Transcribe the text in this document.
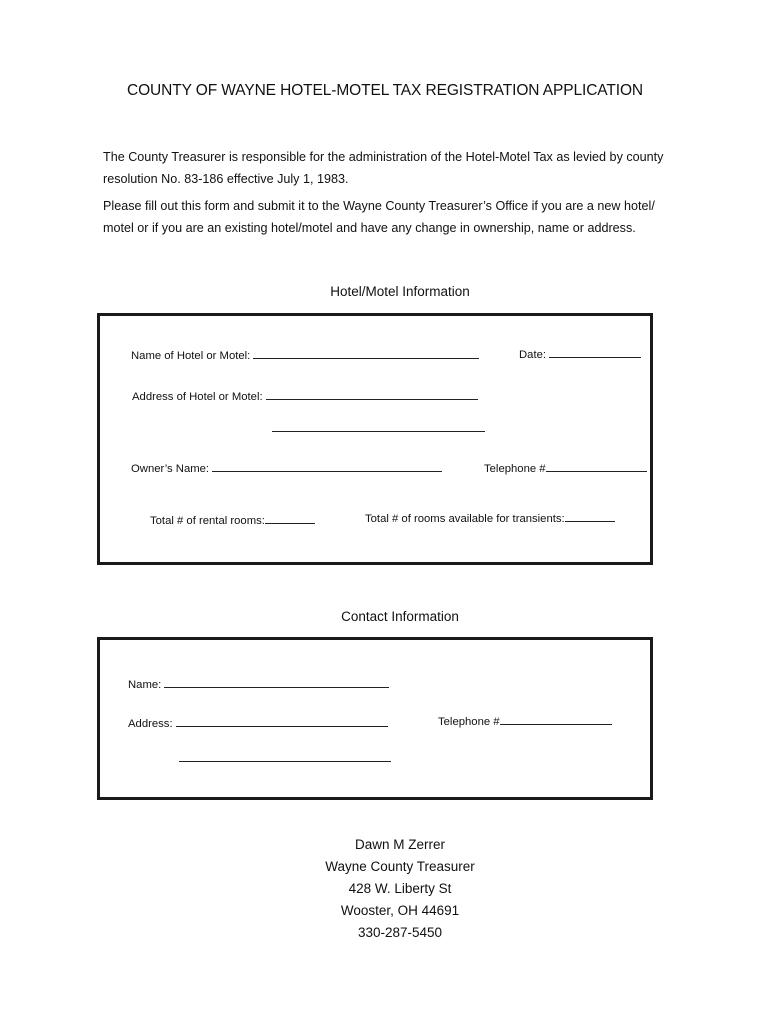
COUNTY OF WAYNE HOTEL-MOTEL TAX REGISTRATION APPLICATION
The County Treasurer is responsible for the administration of the Hotel-Motel Tax as levied by county resolution No. 83-186 effective July 1, 1983.
Please fill out this form and submit it to the Wayne County Treasurer’s Office if you are a new hotel/ motel or if you are an existing hotel/motel and have any change in ownership, name or address.
Hotel/Motel Information
Name of Hotel or Motel:	Date:
Address of Hotel or Motel:
Owner’s Name:	Telephone #
Total # of rental rooms:	Total # of rooms available for transients:
Contact Information
Name:
Address:	Telephone #
Dawn M Zerrer
Wayne County Treasurer
428 W. Liberty St
Wooster, OH 44691
330-287-5450
